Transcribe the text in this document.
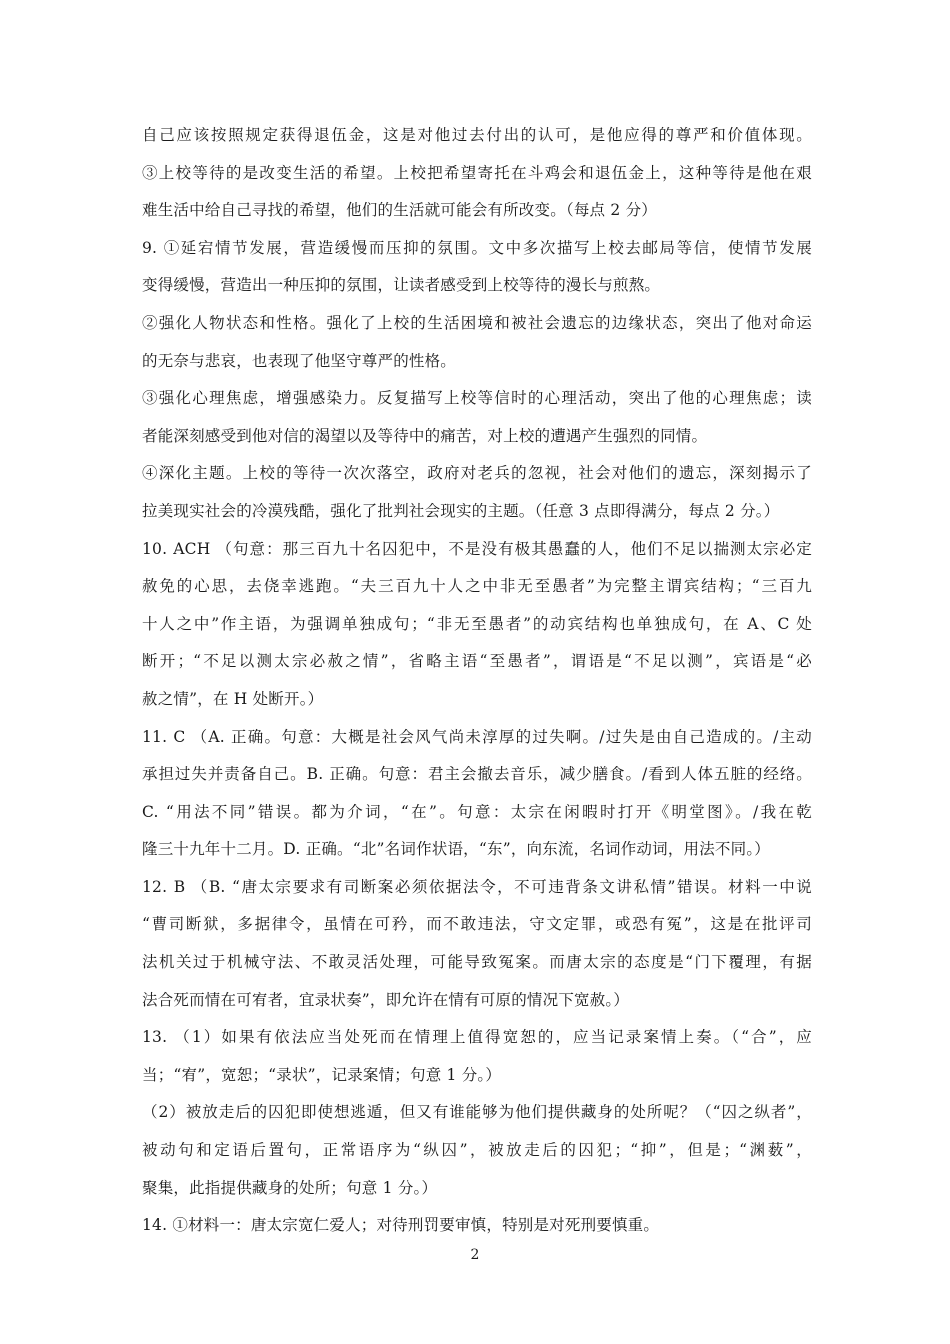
自己应该按照规定获得退伍金，这是对他过去付出的认可，是他应得的尊严和价值体现。
③上校等待的是改变生活的希望。上校把希望寄托在斗鸡会和退伍金上，这种等待是他在艰
难生活中给自己寻找的希望，他们的生活就可能会有所改变。（每点 2 分）
9. ①延宕情节发展，营造缓慢而压抑的氛围。文中多次描写上校去邮局等信，使情节发展
变得缓慢，营造出一种压抑的氛围，让读者感受到上校等待的漫长与煎熬。
②强化人物状态和性格。强化了上校的生活困境和被社会遗忘的边缘状态，突出了他对命运
的无奈与悲哀，也表现了他坚守尊严的性格。
③强化心理焦虑，增强感染力。反复描写上校等信时的心理活动，突出了他的心理焦虑；读
者能深刻感受到他对信的渴望以及等待中的痛苦，对上校的遭遇产生强烈的同情。
④深化主题。上校的等待一次次落空，政府对老兵的忽视，社会对他们的遗忘，深刻揭示了
拉美现实社会的冷漠残酷，强化了批判社会现实的主题。（任意 3 点即得满分，每点 2 分。）
10. ACH （句意：那三百九十名囚犯中，不是没有极其愚蠢的人，他们不足以揣测太宗必定
赦免的心思，去侥幸逃跑。“夫三百九十人之中非无至愚者”为完整主谓宾结构；“三百九
十人之中”作主语，为强调单独成句；“非无至愚者”的动宾结构也单独成句，在 A、C 处
断开；“不足以测太宗必赦之情”，省略主语“至愚者”，谓语是“不足以测”，宾语是“必
赦之情”，在 H 处断开。）
11. C （A. 正确。句意：大概是社会风气尚未淳厚的过失啊。/过失是由自己造成的。/主动
承担过失并责备自己。B. 正确。句意：君主会撤去音乐，减少膳食。/看到人体五脏的经络。
C. “用法不同”错误。都为介词，“在”。句意：太宗在闲暇时打开《明堂图》。/我在乾
隆三十九年十二月。D. 正确。“北”名词作状语，“东”，向东流，名词作动词，用法不同。）
12. B （B. “唐太宗要求有司断案必须依据法令，不可违背条文讲私情”错误。材料一中说
“曹司断狱，多据律令，虽情在可矜，而不敢违法，守文定罪，或恐有冤”，这是在批评司
法机关过于机械守法、不敢灵活处理，可能导致冤案。而唐太宗的态度是“门下覆理，有据
法合死而情在可宥者，宜录状奏”，即允许在情有可原的情况下宽赦。）
13. （1）如果有依法应当处死而在情理上值得宽恕的，应当记录案情上奏。（“合”，应
当；“宥”，宽恕；“录状”，记录案情；句意 1 分。）
（2）被放走后的囚犯即使想逃遁，但又有谁能够为他们提供藏身的处所呢？（“囚之纵者”，
被动句和定语后置句，正常语序为“纵囚”，被放走后的囚犯；“抑”，但是；“渊薮”，
聚集，此指提供藏身的处所；句意 1 分。）
14. ①材料一：唐太宗宽仁爱人；对待刑罚要审慎，特别是对死刑要慎重。
2
